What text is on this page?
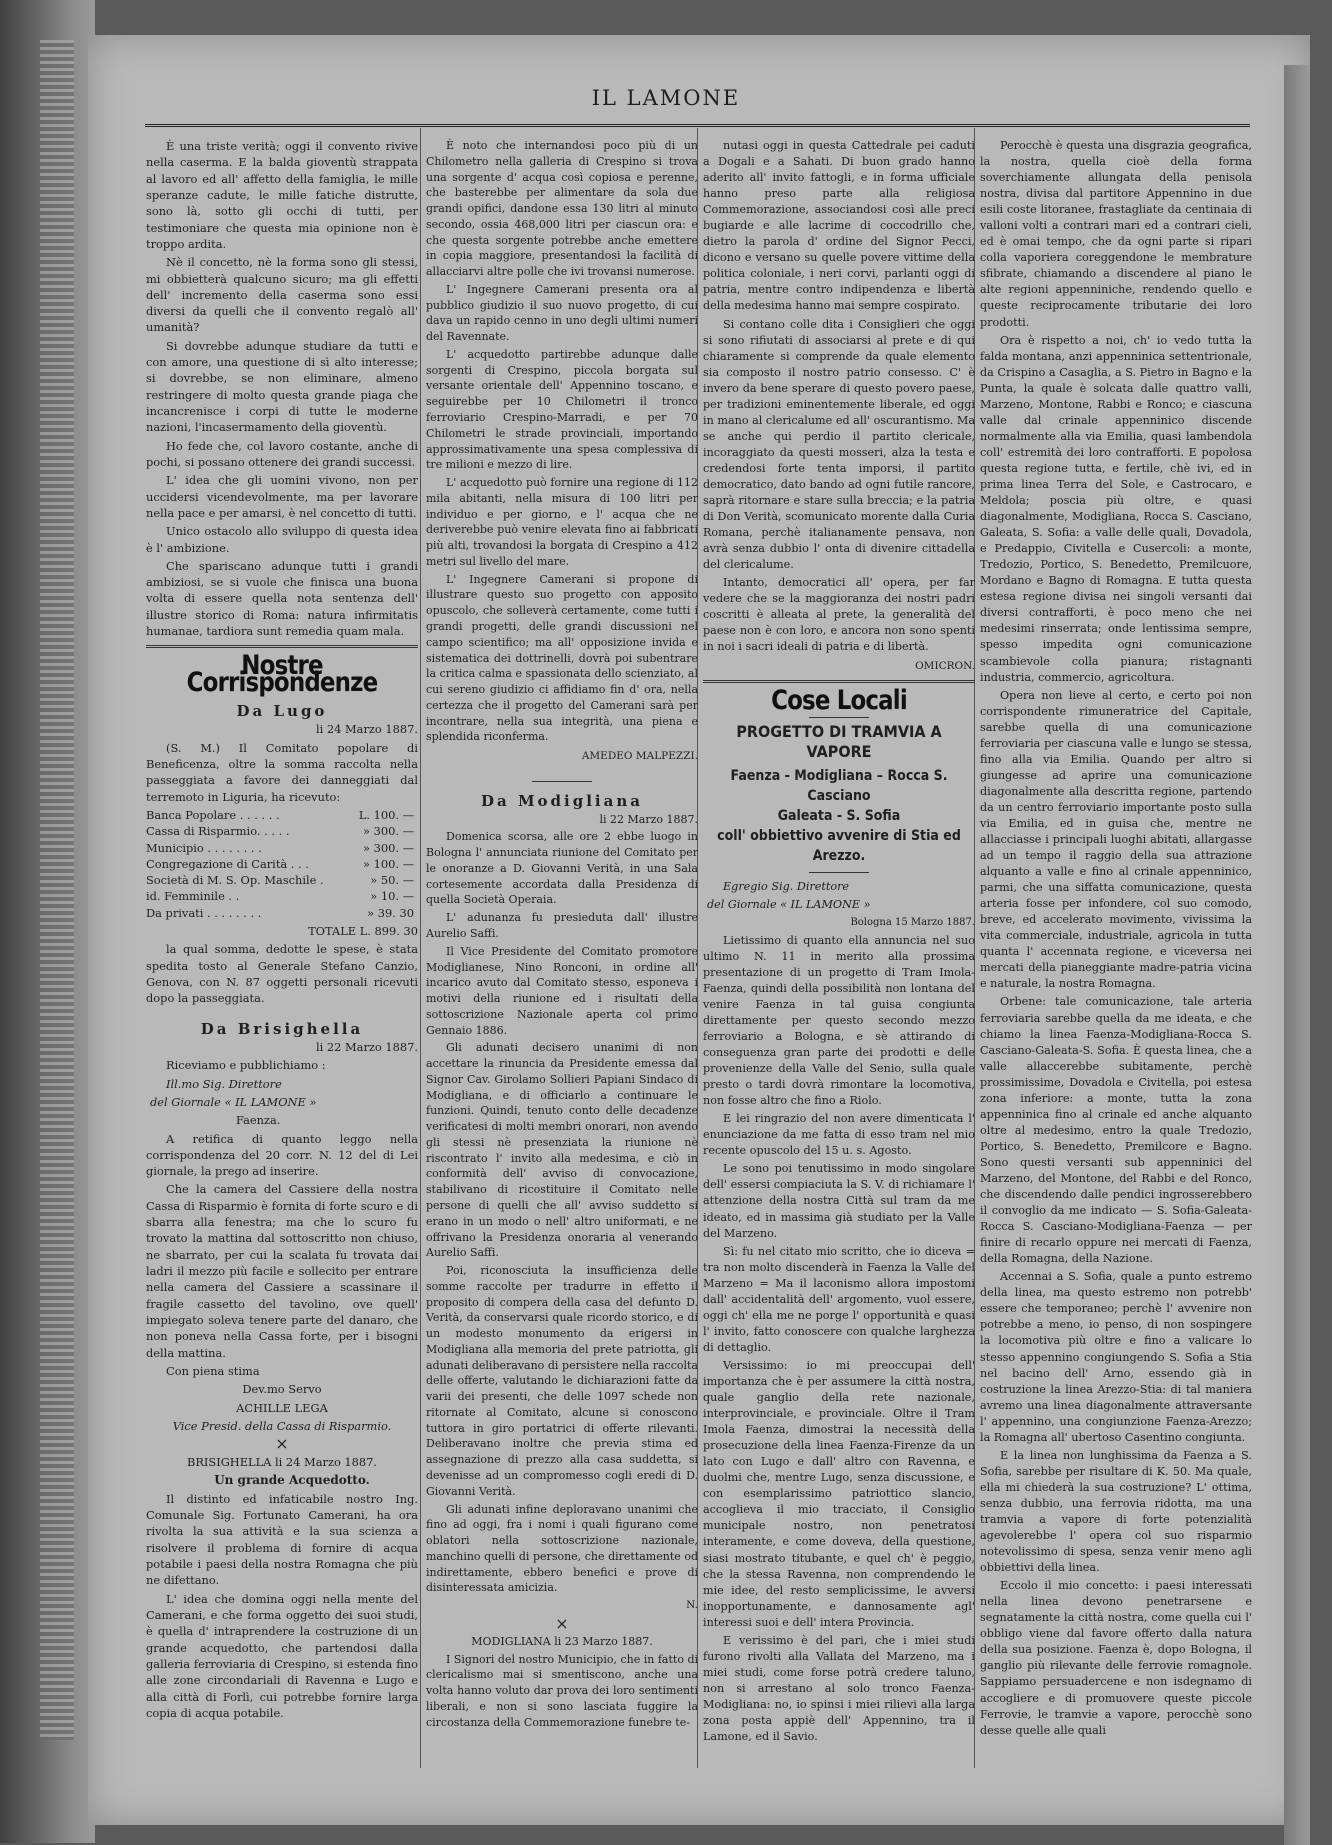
IL LAMONE

È una triste verità; oggi il convento rivive nella caserma. E la balda gioventù strappata al lavoro ed all' affetto della famiglia, le mille speranze cadute, le mille fatiche distrutte, sono là, sotto gli occhi di tutti, per testimoniare che questa mia opinione non è troppo ardita.

Nè il concetto, nè la forma sono gli stessi, mi obbietterà qualcuno sicuro; ma gli effetti dell' incremento della caserma sono essi diversi da quelli che il convento regalò all' umanità?

Si dovrebbe adunque studiare da tutti e con amore, una questione di sì alto interesse; si dovrebbe, se non eliminare, almeno restringere di molto questa grande piaga che incancrenisce i corpi di tutte le moderne nazioni, l'incasermamento della gioventù.

Ho fede che, col lavoro costante, anche di pochi, si possano ottenere dei grandi successi.

L' idea che gli uomini vivono, non per uccidersi vicendevolmente, ma per lavorare nella pace e per amarsi, è nel concetto di tutti.

Unico ostacolo allo sviluppo di questa idea è l' ambizione.

Che spariscano adunque tutti i grandi ambiziosi, se si vuole che finisca una buona volta di essere quella nota sentenza dell' illustre storico di Roma: natura infirmitatis humanae, tardiora sunt remedia quam mala.

Nostre Corrispondenze
Da Lugo

li 24 Marzo 1887.

(S. M.) Il Comitato popolare di Beneficenza, oltre la somma raccolta nella passeggiata a favore dei danneggiati dal terremoto in Liguria, ha ricevuto:

Banca Popolare . . . . . .	L. 100. —
Cassa di Risparmio. . . . .	» 300. —
Municipio . . . . . . . .	» 300. —
Congregazione di Carità . . .	» 100. —
Società di M. S. Op. Maschile .	» 50. —
id. Femminile . .	» 10. —
Da privati . . . . . . . .	» 39. 30

TOTALE L. 899. 30

la qual somma, dedotte le spese, è stata spedita tosto al Generale Stefano Canzio, Genova, con N. 87 oggetti personali ricevuti dopo la passeggiata.

Da Brisighella

li 22 Marzo 1887.

Riceviamo e pubblichiamo :

Ill.mo Sig. Direttore

del Giornale « IL LAMONE »

Faenza.

A retifica di quanto leggo nella corrispondenza del 20 corr. N. 12 del di Lei giornale, la prego ad inserire.

Che la camera del Cassiere della nostra Cassa di Risparmio è fornita di forte scuro e di sbarra alla fenestra; ma che lo scuro fu trovato la mattina dal sottoscritto non chiuso, ne sbarrato, per cui la scalata fu trovata dai ladri il mezzo più facile e sollecito per entrare nella camera del Cassiere a scassinare il fragile cassetto del tavolino, ove quell' impiegato soleva tenere parte del danaro, che non poneva nella Cassa forte, per i bisogni della mattina.

Con piena stima

Dev.mo Servo

ACHILLE LEGA

Vice Presid. della Cassa di Risparmio.

×

BRISIGHELLA li 24 Marzo 1887.

Un grande Acquedotto.

Il distinto ed infaticabile nostro Ing. Comunale Sig. Fortunato Camerani, ha ora rivolta la sua attività e la sua scienza a risolvere il problema di fornire di acqua potabile i paesi della nostra Romagna che più ne difettano.

L' idea che domina oggi nella mente del Camerani, e che forma oggetto dei suoi studi, è quella d' intraprendere la costruzione di un grande acquedotto, che partendosi dalla galleria ferroviaria di Crespino, si estenda fino alle zone circondariali di Ravenna e Lugo e alla città di Forlì, cui potrebbe fornire larga copia di acqua potabile.

È noto che internandosi poco più di un Chilometro nella galleria di Crespino si trova una sorgente d' acqua così copiosa e perenne, che basterebbe per alimentare da sola due grandi opifici, dandone essa 130 litri al minuto secondo, ossia 468,000 litri per ciascun ora: e che questa sorgente potrebbe anche emettere in copia maggiore, presentandosi la facilità di allacciarvi altre polle che ivi trovansi numerose.

L' Ingegnere Camerani presenta ora al pubblico giudizio il suo nuovo progetto, di cui dava un rapido cenno in uno degli ultimi numeri del Ravennate.

L' acquedotto partirebbe adunque dalle sorgenti di Crespino, piccola borgata sul versante orientale dell' Appennino toscano, e seguirebbe per 10 Chilometri il tronco ferroviario Crespino-Marradi, e per 70 Chilometri le strade provinciali, importando approssimativamente una spesa complessiva di tre milioni e mezzo di lire.

L' acquedotto può fornire una regione di 112 mila abitanti, nella misura di 100 litri per individuo e per giorno, e l' acqua che ne deriverebbe può venire elevata fino ai fabbricati più alti, trovandosi la borgata di Crespino a 412 metri sul livello del mare.

L' Ingegnere Camerani si propone di illustrare questo suo progetto con apposito opuscolo, che solleverà certamente, come tutti i grandi progetti, delle grandi discussioni nel campo scientifico; ma all' opposizione invida e sistematica dei dottrinelli, dovrà poi subentrare la critica calma e spassionata dello scienziato, al cui sereno giudizio ci affidiamo fin d' ora, nella certezza che il progetto del Camerani sarà per incontrare, nella sua integrità, una piena e splendida riconferma.

AMEDEO MALPEZZI.

Da Modigliana

li 22 Marzo 1887.

Domenica scorsa, alle ore 2 ebbe luogo in Bologna l' annunciata riunione del Comitato per le onoranze a D. Giovanni Verità, in una Sala cortesemente accordata dalla Presidenza di quella Società Operaia.

L' adunanza fu presieduta dall' illustre Aurelio Saffi.

Il Vice Presidente del Comitato promotore Modiglianese, Nino Ronconi, in ordine all' incarico avuto dal Comitato stesso, esponeva i motivi della riunione ed i risultati della sottoscrizione Nazionale aperta col primo Gennaio 1886.

Gli adunati decisero unanimi di non accettare la rinuncia da Presidente emessa dal Signor Cav. Girolamo Sollieri Papiani Sindaco di Modigliana, e di officiarlo a continuare le funzioni. Quindi, tenuto conto delle decadenze verificatesi di molti membri onorari, non avendo gli stessi nè presenziata la riunione nè riscontrato l' invito alla medesima, e ciò in conformità dell' avviso di convocazione, stabilivano di ricostituire il Comitato nelle persone di quelli che all' avviso suddetto si erano in un modo o nell' altro uniformati, e ne offrivano la Presidenza onoraria al venerando Aurelio Saffi.

Poi, riconosciuta la insufficienza delle somme raccolte per tradurre in effetto il proposito di compera della casa del defunto D. Verità, da conservarsi quale ricordo storico, e di un modesto monumento da erigersi in Modigliana alla memoria del prete patriotta, gli adunati deliberavano di persistere nella raccolta delle offerte, valutando le dichiarazioni fatte da varii dei presenti, che delle 1097 schede non ritornate al Comitato, alcune si conoscono tuttora in giro portatrici di offerte rilevanti. Deliberavano inoltre che previa stima ed assegnazione di prezzo alla casa suddetta, si devenisse ad un compromesso cogli eredi di D. Giovanni Verità.

Gli adunati infine deploravano unanimi che fino ad oggi, fra i nomi i quali figurano come oblatori nella sottoscrizione nazionale, manchino quelli di persone, che direttamente od indirettamente, ebbero benefici e prove di disinteressata amicizia.

N.

×

MODIGLIANA li 23 Marzo 1887.

I Signori del nostro Municipio, che in fatto di clericalismo mai si smentiscono, anche una volta hanno voluto dar prova dei loro sentimenti liberali, e non si sono lasciata fuggire la circostanza della Commemorazione funebre te-

nutasi oggi in questa Cattedrale pei caduti a Dogali e a Sahati. Di buon grado hanno aderito all' invito fattogli, e in forma ufficiale hanno preso parte alla religiosa Commemorazione, associandosi così alle preci bugiarde e alle lacrime di coccodrillo che, dietro la parola d' ordine del Signor Pecci, dicono e versano su quelle povere vittime della politica coloniale, i neri corvi, parlanti oggi di patria, mentre contro indipendenza e libertà della medesima hanno mai sempre cospirato.

Si contano colle dita i Consiglieri che oggi si sono rifiutati di associarsi al prete e di qui chiaramente si comprende da quale elemento sia composto il nostro patrio consesso. C' è invero da bene sperare di questo povero paese, per tradizioni eminentemente liberale, ed oggi in mano al clericalume ed all' oscurantismo. Ma se anche qui perdio il partito clericale, incoraggiato da questi mosseri, alza la testa e credendosi forte tenta imporsi, il partito democratico, dato bando ad ogni futile rancore, saprà ritornare e stare sulla breccia; e la patria di Don Verità, scomunicato morente dalla Curia Romana, perchè italianamente pensava, non avrà senza dubbio l' onta di divenire cittadella del clericalume.

Intanto, democratici all' opera, per far vedere che se la maggioranza dei nostri padri coscritti è alleata al prete, la generalità del paese non è con loro, e ancora non sono spenti in noi i sacri ideali di patria e di libertà.

OMICRON.

Cose Locali
PROGETTO DI TRAMVIA A VAPORE
Faenza - Modigliana – Rocca S. Casciano
Galeata - S. Sofia
coll' obbiettivo avvenire di Stia ed Arezzo.

Egregio Sig. Direttore

del Giornale « IL LAMONE »

Bologna 15 Marzo 1887.

Lietissimo di quanto ella annuncia nel suo ultimo N. 11 in merito alla prossima presentazione di un progetto di Tram Imola-Faenza, quindi della possibilità non lontana del venire Faenza in tal guisa congiunta direttamente per questo secondo mezzo ferroviario a Bologna, e sè attirando di conseguenza gran parte dei prodotti e delle provenienze della Valle del Senio, sulla quale presto o tardi dovrà rimontare la locomotiva, non fosse altro che fino a Riolo.

E lei ringrazio del non avere dimenticata l' enunciazione da me fatta di esso tram nel mio recente opuscolo del 15 u. s. Agosto.

Le sono poi tenutissimo in modo singolare dell' essersi compiaciuta la S. V. di richiamare l' attenzione della nostra Città sul tram da me ideato, ed in massima già studiato per la Valle del Marzeno.

Sì: fu nel citato mio scritto, che io diceva = tra non molto discenderà in Faenza la Valle del Marzeno = Ma il laconismo allora impostomi dall' accidentalità dell' argomento, vuol essere, oggi ch' ella me ne porge l' opportunità e quasi l' invito, fatto conoscere con qualche larghezza di dettaglio.

Versissimo: io mi preoccupai dell' importanza che è per assumere la città nostra, quale ganglio della rete nazionale, interprovinciale, e provinciale. Oltre il Tram Imola Faenza, dimostrai la necessità della prosecuzione della linea Faenza-Firenze da un lato con Lugo e dall' altro con Ravenna, e duolmi che, mentre Lugo, senza discussione, e con esemplarissimo patriottico slancio, accoglieva il mio tracciato, il Consiglio municipale nostro, non penetratosi interamente, e come doveva, della questione, siasi mostrato titubante, e quel ch' è peggio, che la stessa Ravenna, non comprendendo le mie idee, del resto semplicissime, le avversi inopportunamente, e dannosamente agl' interessi suoi e dell' intera Provincia.

E verissimo è del pari, che i miei studi furono rivolti alla Vallata del Marzeno, ma i miei studi, come forse potrà credere taluno, non si arrestano al solo tronco Faenza-Modigliana: no, io spinsi i miei rilievi alla larga zona posta appiè dell' Appennino, tra il Lamone, ed il Savio.

Perocchè è questa una disgrazia geografica, la nostra, quella cioè della forma soverchiamente allungata della penisola nostra, divisa dal partitore Appennino in due esili coste litoranee, frastagliate da centinaia di valloni volti a contrari mari ed a contrari cieli, ed è omai tempo, che da ogni parte si ripari colla vaporiera coreggendone le membrature sfibrate, chiamando a discendere al piano le alte regioni appenniniche, rendendo quello e queste reciprocamente tributarie dei loro prodotti.

Ora è rispetto a noi, ch' io vedo tutta la falda montana, anzi appenninica settentrionale, da Crispino a Casaglia, a S. Pietro in Bagno e la Punta, la quale è solcata dalle quattro valli, Marzeno, Montone, Rabbi e Ronco; e ciascuna valle dal crinale appenninico discende normalmente alla via Emilia, quasi lambendola coll' estremità dei loro contrafforti. E popolosa questa regione tutta, e fertile, chè ivi, ed in prima linea Terra del Sole, e Castrocaro, e Meldola; poscia più oltre, e quasi diagonalmente, Modigliana, Rocca S. Casciano, Galeata, S. Sofia: a valle delle quali, Dovadola, e Predappio, Civitella e Cusercoli: a monte, Tredozio, Portico, S. Benedetto, Premilcuore, Mordano e Bagno di Romagna. E tutta questa estesa regione divisa nei singoli versanti dai diversi contrafforti, è poco meno che nei medesimi rinserrata; onde lentissima sempre, spesso impedita ogni comunicazione scambievole colla pianura; ristagnanti industria, commercio, agricoltura.

Opera non lieve al certo, e certo poi non corrispondente rimuneratrice del Capitale, sarebbe quella di una comunicazione ferroviaria per ciascuna valle e lungo se stessa, fino alla via Emilia. Quando per altro si giungesse ad aprire una comunicazione diagonalmente alla descritta regione, partendo da un centro ferroviario importante posto sulla via Emilia, ed in guisa che, mentre ne allacciasse i principali luoghi abitati, allargasse ad un tempo il raggio della sua attrazione alquanto a valle e fino al crinale appenninico, parmi, che una siffatta comunicazione, questa arteria fosse per infondere, col suo comodo, breve, ed accelerato movimento, vivissima la vita commerciale, industriale, agricola in tutta quanta l' accennata regione, e viceversa nei mercati della pianeggiante madre-patria vicina e naturale, la nostra Romagna.

Orbene: tale comunicazione, tale arteria ferroviaria sarebbe quella da me ideata, e che chiamo la linea Faenza-Modigliana-Rocca S. Casciano-Galeata-S. Sofia. È questa linea, che a valle allaccerebbe subitamente, perchè prossimissime, Dovadola e Civitella, poi estesa zona inferiore: a monte, tutta la zona appenninica fino al crinale ed anche alquanto oltre al medesimo, entro la quale Tredozio, Portico, S. Benedetto, Premilcore e Bagno. Sono questi versanti sub appenninici del Marzeno, del Montone, del Rabbi e del Ronco, che discendendo dalle pendici ingrosserebbero il convoglio da me indicato — S. Sofia-Galeata-Rocca S. Casciano-Modigliana-Faenza — per finire di recarlo oppure nei mercati di Faenza, della Romagna, della Nazione.

Accennai a S. Sofia, quale a punto estremo della linea, ma questo estremo non potrebb' essere che temporaneo; perchè l' avvenire non potrebbe a meno, io penso, di non sospingere la locomotiva più oltre e fino a valicare lo stesso appennino congiungendo S. Sofia a Stia nel bacino dell' Arno, essendo già in costruzione la linea Arezzo-Stia: di tal maniera avremo una linea diagonalmente attraversante l' appennino, una congiunzione Faenza-Arezzo; la Romagna all' ubertoso Casentino congiunta.

E la linea non lunghissima da Faenza a S. Sofia, sarebbe per risultare di K. 50. Ma quale, ella mi chiederà la sua costruzione? L' ottima, senza dubbio, una ferrovia ridotta, ma una tramvia a vapore di forte potenzialità agevolerebbe l' opera col suo risparmio notevolissimo di spesa, senza venir meno agli obbiettivi della linea.

Eccolo il mio concetto: i paesi interessati nella linea devono penetrarsene e segnatamente la città nostra, come quella cui l' obbligo viene dal favore offerto dalla natura della sua posizione. Faenza è, dopo Bologna, il ganglio più rilevante delle ferrovie romagnole. Sappiamo persuadercene e non isdegnamo di accogliere e di promuovere queste piccole Ferrovie, le tramvie a vapore, perocchè sono desse quelle alle quali
